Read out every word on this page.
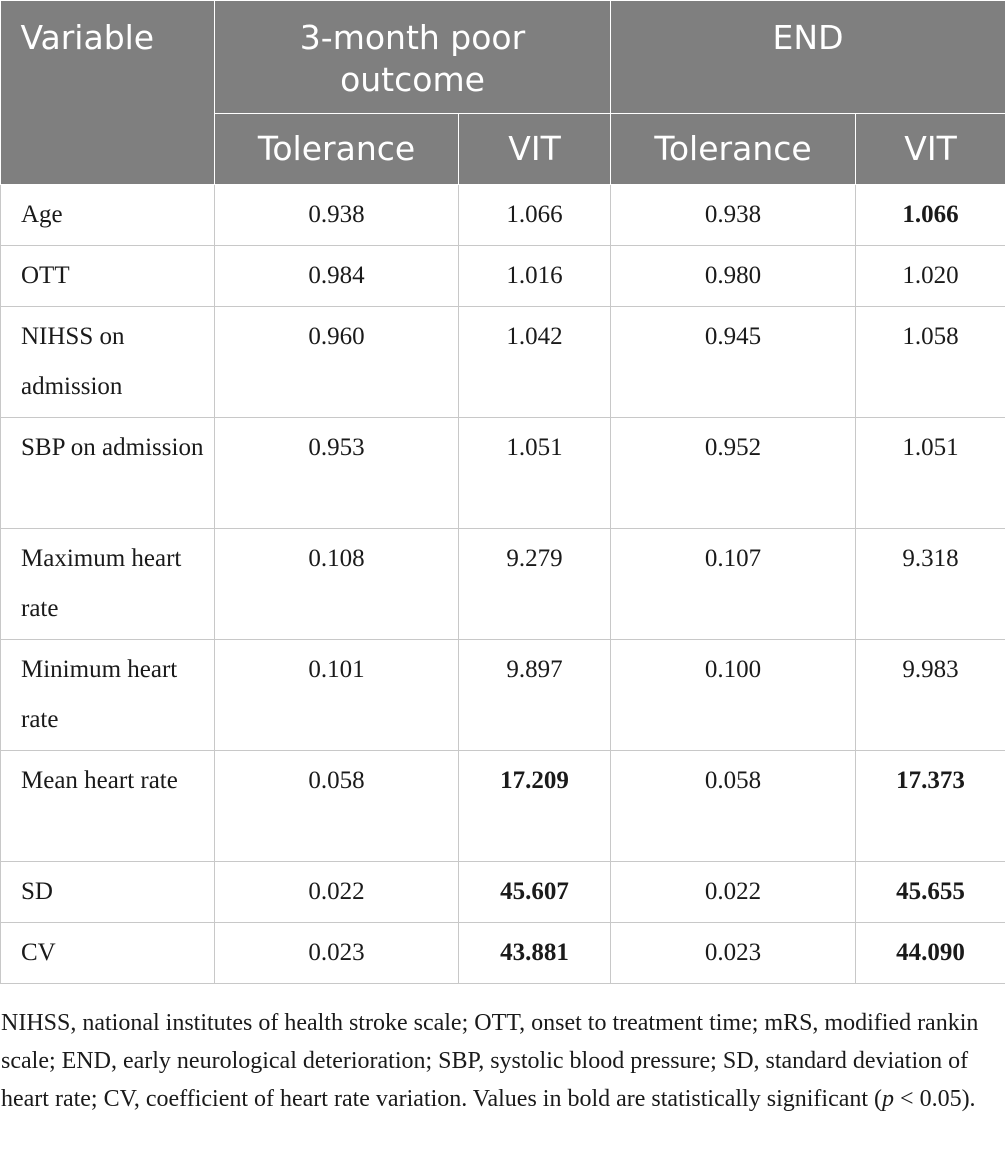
Variable	3-month poor outcome		END	
	Tolerance	VIT	Tolerance	VIT
Age	0.938	1.066	0.938	1.066
OTT	0.984	1.016	0.980	1.020
NIHSS on admission	0.960	1.042	0.945	1.058
SBP on admission	0.953	1.051	0.952	1.051
Maximum heart rate	0.108	9.279	0.107	9.318
Minimum heart rate	0.101	9.897	0.100	9.983
Mean heart rate	0.058	17.209	0.058	17.373
SD	0.022	45.607	0.022	45.655
CV	0.023	43.881	0.023	44.090

NIHSS, national institutes of health stroke scale; OTT, onset to treatment time; mRS, modified rankin scale; END, early neurological deterioration; SBP, systolic blood pressure; SD, standard deviation of heart rate; CV, coefficient of heart rate variation. Values in bold are statistically significant (p < 0.05).
